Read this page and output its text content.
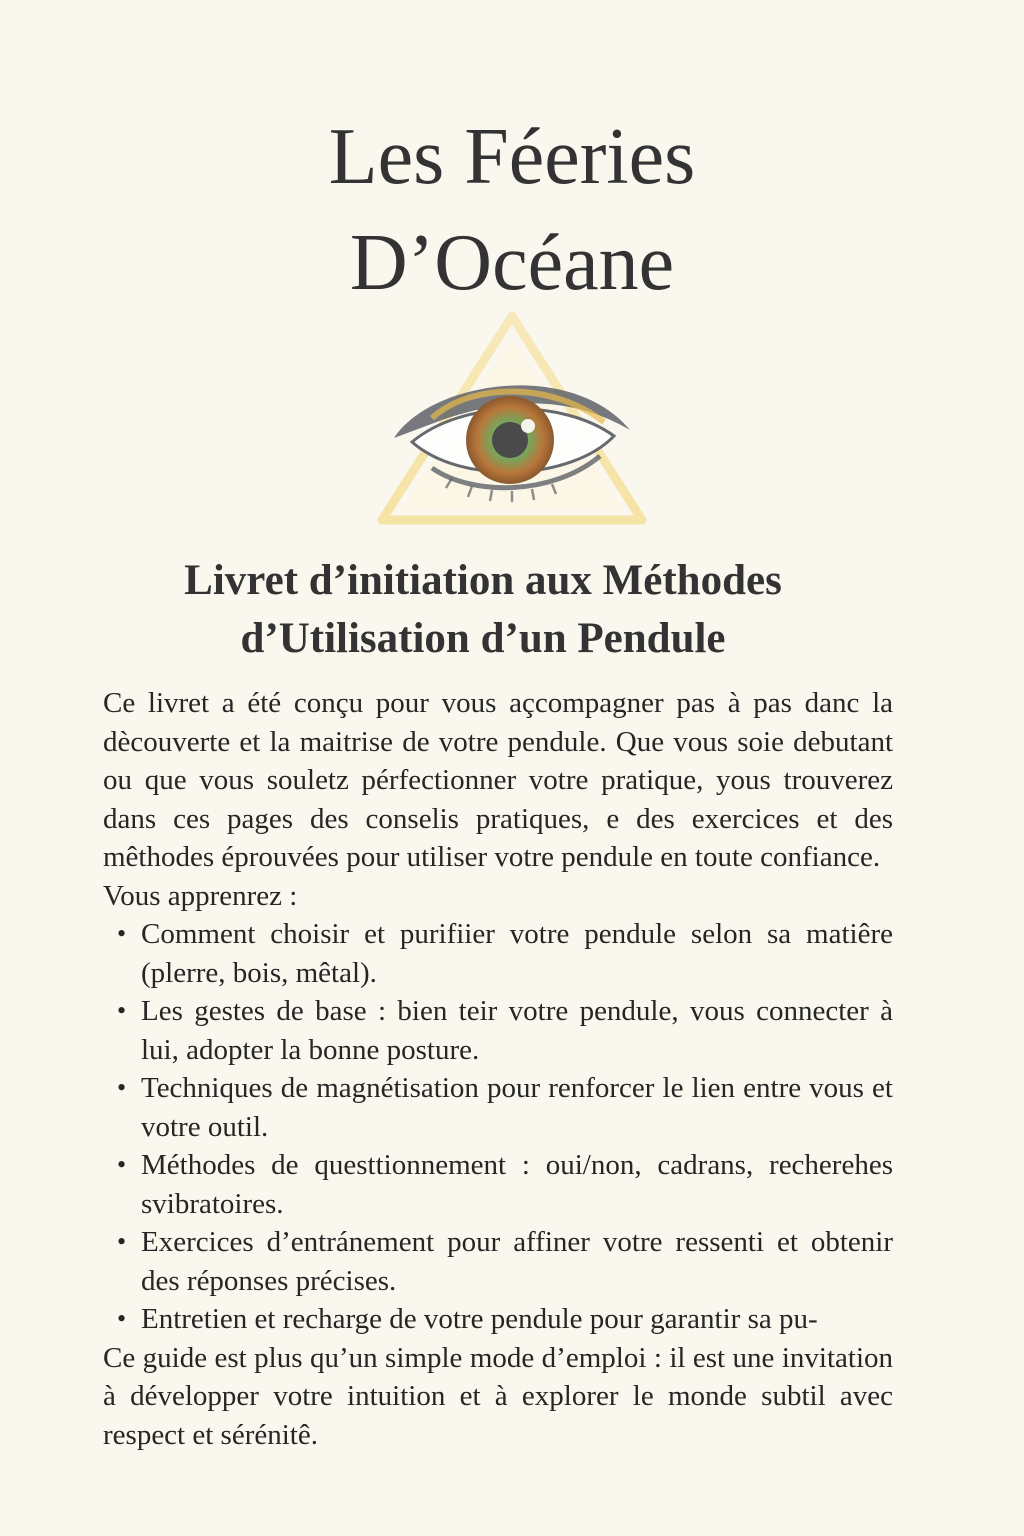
Les Féeries
D’Océane
Livret d’initiation aux Méthodes
d’Utilisation d’un Pendule

Ce livret a été conçu pour vous açcompagner pas à pas danc la dècouverte et la maitrise de votre pendule. Que vous soie debutant ou que vous souletz pérfectionner votre pratique, yous trouverez dans ces pages des conselis pratiques, e des exercices et des mêthodes éprouvées pour utiliser votre pendule en toute confiance.

Vous apprenrez :

• Comment choisir et purifiier votre pendule selon sa matiêre (plerre, bois, mêtal).
• Les gestes de base : bien teir votre pendule, vous connecter à lui, adopter la bonne posture.
• Techniques de magnétisation pour renforcer le lien entre vous et votre outil.
• Méthodes de questtionnement : oui/non, cadrans, recherehes svibratoires.
• Exercices d’entránement pour affiner votre ressenti et obtenir des réponses précises.
• Entretien et recharge de votre pendule pour garantir sa pu-

Ce guide est plus qu’un simple mode d’emploi : il est une invitation à développer votre intuition et à explorer le monde subtil avec respect et sérénitê.
